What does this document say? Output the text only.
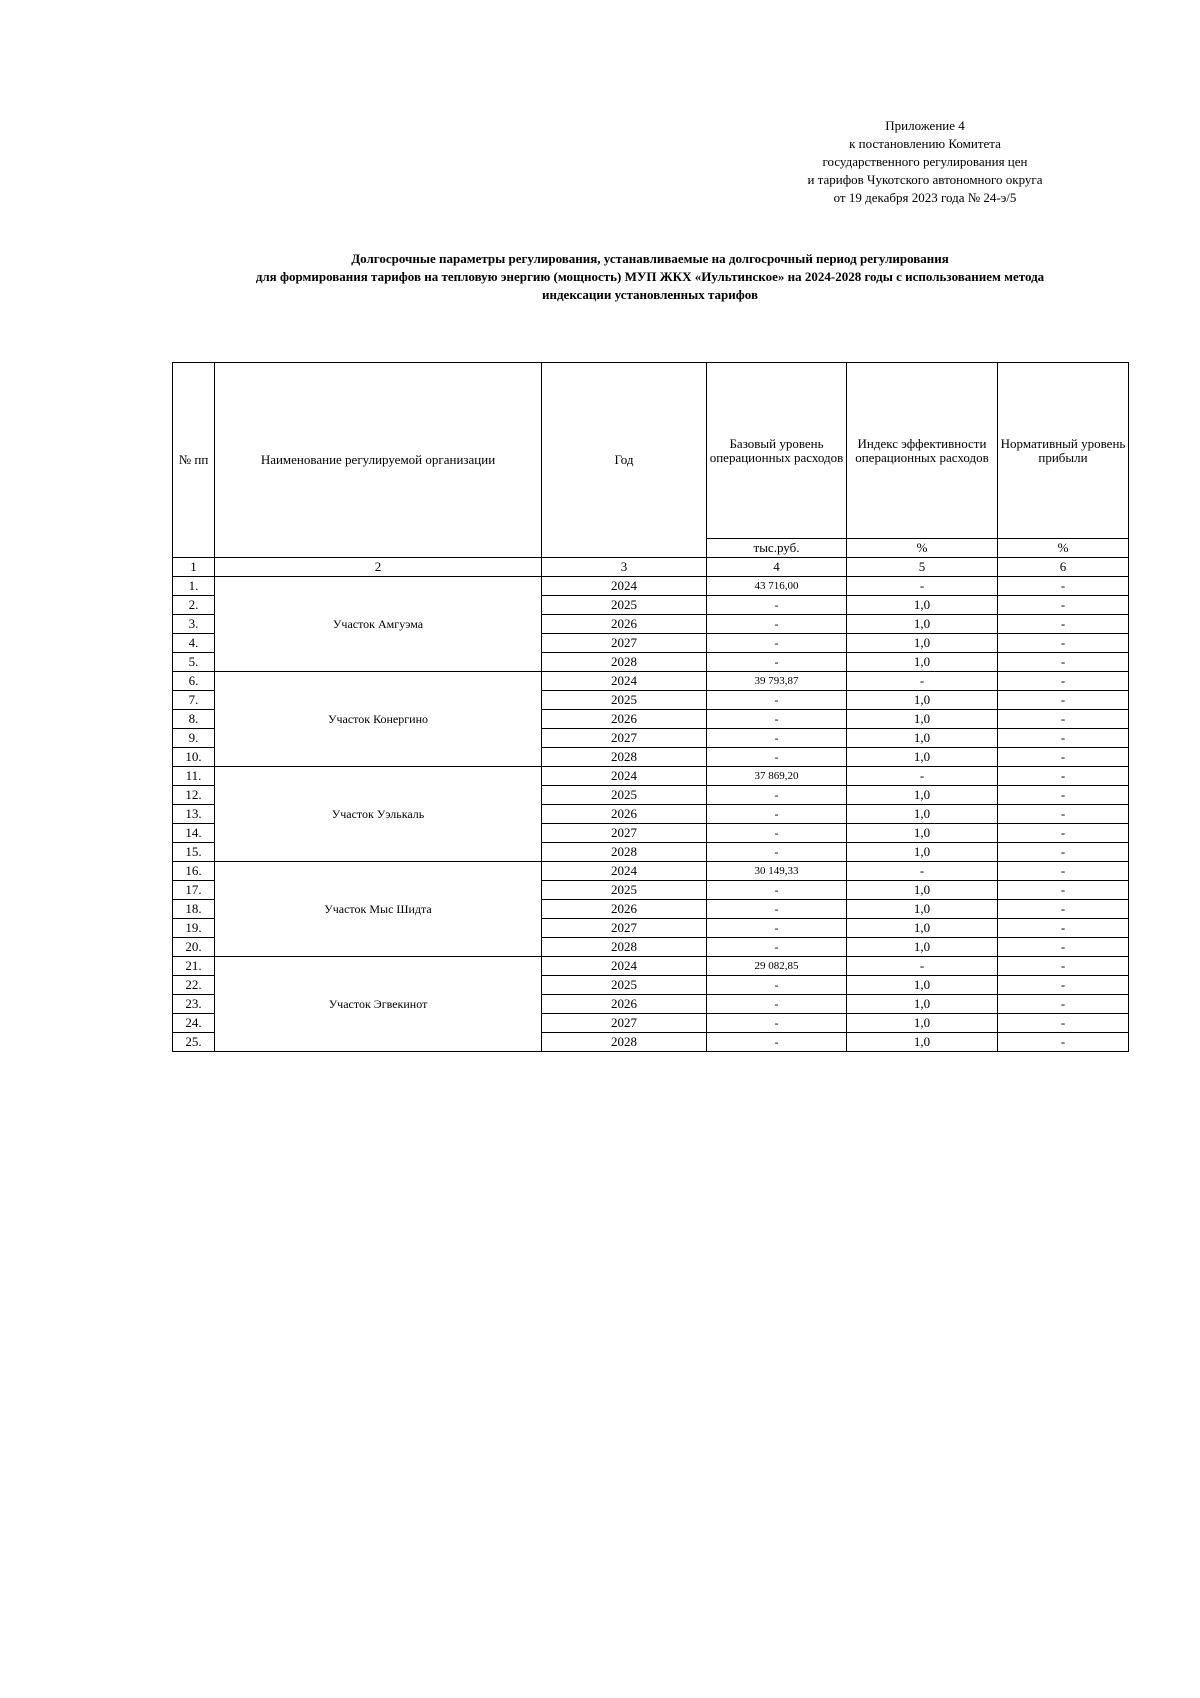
Приложение 4
к постановлению Комитета
государственного регулирования цен
и тарифов Чукотского автономного округа
от 19 декабря 2023 года № 24-э/5
Долгосрочные параметры регулирования, устанавливаемые на долгосрочный период регулирования
для формирования тарифов на тепловую энергию (мощность) МУП ЖКХ «Иультинское» на 2024-2028 годы с использованием метода
индексации установленных тарифов
№ пп	Наименование регулируемой организации	Год	Базовый уровень операционных расходов	Индекс эффективности операционных расходов	Нормативный уровень прибыли
			тыс.руб.	%	%
1	2	3	4	5	6
1.	Участок Амгуэма	2024	43 716,00	-	-
2.		2025	-	1,0	-
3.		2026	-	1,0	-
4.		2027	-	1,0	-
5.		2028	-	1,0	-
6.	Участок Конергино	2024	39 793,87	-	-
7.		2025	-	1,0	-
8.		2026	-	1,0	-
9.		2027	-	1,0	-
10.		2028	-	1,0	-
11.	Участок Уэлькаль	2024	37 869,20	-	-
12.		2025	-	1,0	-
13.		2026	-	1,0	-
14.		2027	-	1,0	-
15.		2028	-	1,0	-
16.	Участок Мыс Шидта	2024	30 149,33	-	-
17.		2025	-	1,0	-
18.		2026	-	1,0	-
19.		2027	-	1,0	-
20.		2028	-	1,0	-
21.	Участок Эгвекинот	2024	29 082,85	-	-
22.		2025	-	1,0	-
23.		2026	-	1,0	-
24.		2027	-	1,0	-
25.		2028	-	1,0	-
